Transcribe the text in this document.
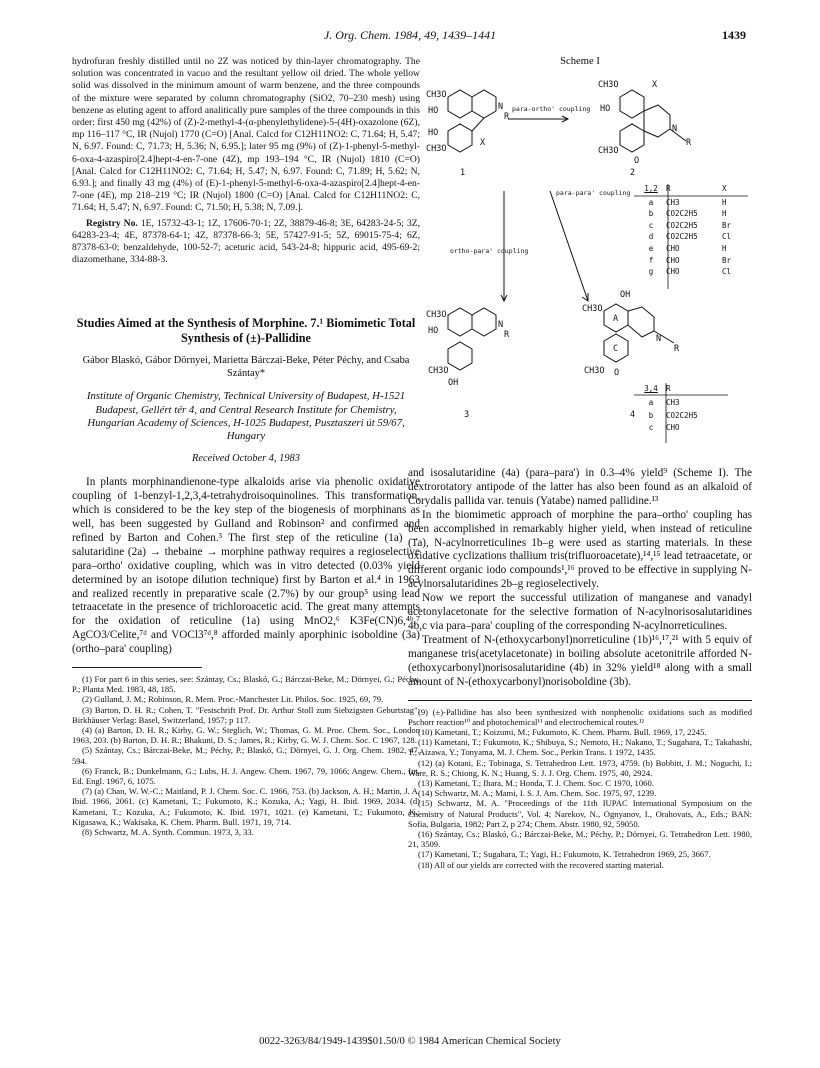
J. Org. Chem. 1984, 49, 1439–1441	1439

hydrofuran freshly distilled until no 2Z was noticed by thin-layer chromatography. The solution was concentrated in vacuo and the resultant yellow oil dried. The whole yellow solid was dissolved in the minimum amount of warm benzene, and the three compounds of the mixture were separated by column chromatography (SiO2, 70–230 mesh) using benzene as eluting agent to afford analitically pure samples of the three compounds in this order: first 450 mg (42%) of (Z)-2-methyl-4-(α-phenylethylidene)-5-(4H)-oxazolone (6Z), mp 116–117 °C, IR (Nujol) 1770 (C=O) [Anal. Calcd for C12H11NO2: C, 71.64; H, 5.47; N, 6.97. Found: C, 71.73; H, 5.36; N, 6.95.]; later 95 mg (9%) of (Z)-1-phenyl-5-methyl-6-oxa-4-azaspiro[2.4]hept-4-en-7-one (4Z), mp 193–194 °C, IR (Nujol) 1810 (C=O) [Anal. Calcd for C12H11NO2: C, 71.64; H, 5.47; N, 6.97. Found: C, 71.89; H, 5.62; N, 6.93.]; and finally 43 mg (4%) of (E)-1-phenyl-5-methyl-6-oxa-4-azaspiro[2.4]hept-4-en-7-one (4E), mp 218–219 °C; IR (Nujol) 1800 (C=O) [Anal. Calcd for C12H11NO2: C, 71.64; H, 5.47; N, 6.97. Found: C, 71.50; H, 5.38; N, 7.09.].

Registry No. 1E, 15732-43-1; 1Z, 17606-70-1; 2Z, 38879-46-8; 3E, 64283-24-5; 3Z, 64283-23-4; 4E, 87378-64-1; 4Z, 87378-66-3; 5E, 57427-91-5; 5Z, 69015-75-4; 6Z, 87378-63-0; benzaldehyde, 100-52-7; aceturic acid, 543-24-8; hippuric acid, 495-69-2; diazomethane, 334-88-3.

Studies Aimed at the Synthesis of Morphine. 7.¹ Biomimetic Total Synthesis of (±)-Pallidine
Gábor Blaskó, Gábor Dörnyei, Marietta Bárczai-Beke, Péter Péchy, and Csaba Szántay*
Institute of Organic Chemistry, Technical University of Budapest, H-1521 Budapest, Gellért tér 4, and Central Research Institute for Chemistry, Hungarian Academy of Sciences, H-1025 Budapest, Pusztaszeri út 59/67, Hungary
Received October 4, 1983

In plants morphinandienone-type alkaloids arise via phenolic oxidative coupling of 1-benzyl-1,2,3,4-tetrahydroisoquinolines. This transformation, which is considered to be the key step of the biogenesis of morphinans as well, has been suggested by Gulland and Robinson² and confirmed and refined by Barton and Cohen.³ The first step of the reticuline (1a) → salutaridine (2a) → thebaine → morphine pathway requires a regioselective para–ortho' oxidative coupling, which was in vitro detected (0.03% yield determined by an isotope dilution technique) first by Barton et al.⁴ in 1963 and realized recently in preparative scale (2.7%) by our group⁵ using lead tetraacetate in the presence of trichloroacetic acid. The great many attempts for the oxidation of reticuline (1a) using MnO2,⁶ K3Fe(CN)6,⁴ᵇ,⁷ AgCO3/Celite,⁷ᵈ and VOCl3⁷ᵈ,⁸ afforded mainly aporphinic isoboldine (3a) (ortho–para' coupling)

(1) For part 6 in this series, see: Szántay, Cs.; Blaskó, G.; Bárczai-Beke, M.; Dörnyei, G.; Péchy, P.; Planta Med. 1983, 48, 185.

(2) Gulland, J. M.; Robinson, R. Mem. Proc.-Manchester Lit. Philos. Soc. 1925, 69, 79.

(3) Barton, D. H. R.; Cohen, T. "Festschrift Prof. Dr. Arthur Stoll zum Siebzigsten Geburtstag"; Birkhäuser Verlag: Basel, Switzerland, 1957; p 117.

(4) (a) Barton, D. H. R.; Kirby, G. W.; Steglich, W.; Thomas, G. M. Proc. Chem. Soc., London 1963, 203. (b) Barton, D. H. R.; Bhakuni, D. S.; James, R.; Kirby, G. W. J. Chem. Soc. C 1967, 128.

(5) Szántay, Cs.; Bárczai-Beke, M.; Péchy, P.; Blaskó, G.; Dörnyei, G. J. Org. Chem. 1982, 47, 594.

(6) Franck, B.; Dunkelmann, G.; Lubs, H. J. Angew. Chem. 1967, 79, 1066; Angew. Chem., Int. Ed. Engl. 1967, 6, 1075.

(7) (a) Chan, W. W.-C.; Maitland, P. J. Chem. Soc. C. 1966, 753. (b) Jackson, A. H.; Martin, J. A. Ibid. 1966, 2061. (c) Kametani, T.; Fukumoto, K.; Kozuka, A.; Yagi, H. Ibid. 1969, 2034. (d) Kametani, T.; Kozuka, A.; Fukumoto, K. Ibid. 1971, 1021. (e) Kametani, T.; Fukumoto, K.; Kigasawa, K.; Wakisaka, K. Chem. Pharm. Bull. 1971, 19, 714.

(8) Schwartz, M. A. Synth. Commun. 1973, 3, 33.

Scheme I
CH3O
HO
HO
CH3O
N
R
X
CH3O	X
HO
N
R
CH3O
O
1	2
CH3O
HO
N
R
CH3O
OH
OH
CH3O
A
C
N
R
CH3O O
3	4
para-ortho' coupling
para-para' coupling
ortho-para' coupling
1,2	R	X
a	CH3	H
b	CO2C2H5	H
c	CO2C2H5	Br
d	CO2C2H5	Cl
e	CHO	H
f	CHO	Br
g	CHO	Cl
3,4	R
a	CH3
b	CO2C2H5
c	CHO

and isosalutaridine (4a) (para–para') in 0.3–4% yield⁹ (Scheme I). The dextrorotatory antipode of the latter has also been found as an alkaloid of Corydalis pallida var. tenuis (Yatabe) named pallidine.¹³

In the biomimetic approach of morphine the para–ortho' coupling has been accomplished in remarkably higher yield, when instead of reticuline (1a), N-acylnorreticulines 1b–g were used as starting materials. In these oxidative cyclizations thallium tris(trifluoroacetate),¹⁴,¹⁵ lead tetraacetate, or different organic iodo compounds¹,¹⁶ proved to be effective in supplying N-acylnorsalutaridines 2b–g regioselectively.

Now we report the successful utilization of manganese and vanadyl acetonylacetonate for the selective formation of N-acylnorisosalutaridines 4b,c via para–para' coupling of the corresponding N-acylnorreticulines.

Treatment of N-(ethoxycarbonyl)norreticuline (1b)¹⁶,¹⁷,²¹ with 5 equiv of manganese tris(acetylacetonate) in boiling absolute acetonitrile afforded N-(ethoxycarbonyl)norisosalutaridine (4b) in 32% yield¹⁸ along with a small amount of N-(ethoxycarbonyl)norisoboldine (3b).

(9) (±)-Pallidine has also been synthesized with nonphenolic oxidations such as modified Pschorr reaction¹⁰ and photochemical¹¹ and electrochemical routes.¹²

(10) Kametani, T.; Koizumi, M.; Fukumoto, K. Chem. Pharm. Bull. 1969, 17, 2245.

(11) Kametani, T.; Fukumoto, K.; Shibuya, S.; Nemoto, H.; Nakano, T.; Sugahara, T.; Takahashi, T.; Aizawa, Y.; Tonyama, M. J. Chem. Soc., Perkin Trans. 1 1972, 1435.

(12) (a) Kotani, E.; Tobinaga, S. Tetrahedron Lett. 1973, 4759. (b) Bobbitt, J. M.; Noguchi, I.; Ware, R. S.; Chiong, K. N.; Huang, S. J. J. Org. Chem. 1975, 40, 2924.

(13) Kametani, T.; Ihara, M.; Honda, T. J. Chem. Soc. C 1970, 1060.

(14) Schwartz, M. A.; Mami, I. S. J. Am. Chem. Soc. 1975, 97, 1239.

(15) Schwartz, M. A. "Proceedings of the 11th IUPAC International Symposium on the Chemistry of Natural Products", Vol. 4; Narekov, N., Ognyanov, I., Orahovats, A., Eds.; BAN: Sofia, Bulgaria, 1982; Part 2, p 274; Chem. Abstr. 1980, 92, 59050.

(16) Szántay, Cs.; Blaskó, G.; Bárczai-Beke, M.; Péchy, P.; Dörnyei, G. Tetrahedron Lett. 1980, 21, 3509.

(17) Kametani, T.; Sugahara, T.; Yagi, H.; Fukumoto, K. Tetrahedron 1969, 25, 3667.

(18) All of our yields are corrected with the recovered starting material.

0022-3263/84/1949-1439$01.50/0 © 1984 American Chemical Society
